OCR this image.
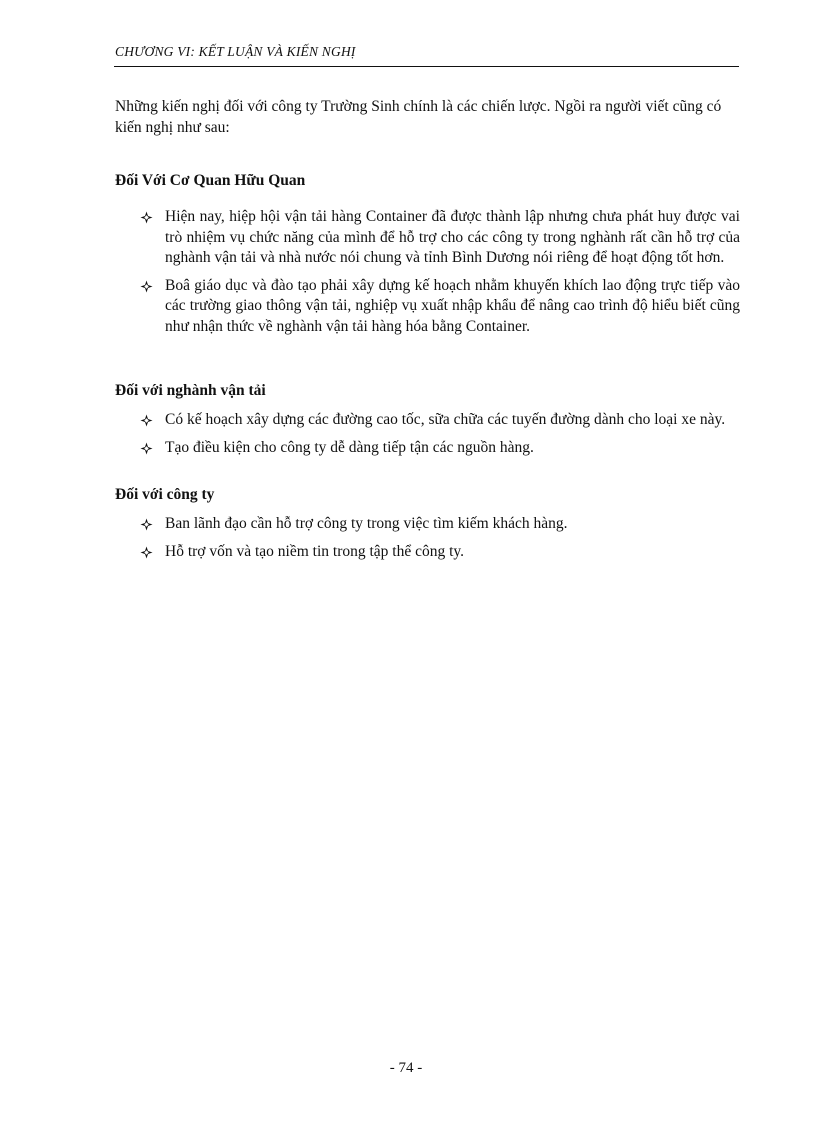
CHƯƠNG VI: KẾT LUẬN VÀ KIẾN NGHỊ

Những kiến nghị đối với công ty Trường Sinh chính là các chiến lược. Ngồi ra người viết cũng có kiến nghị như sau:

Đối Với Cơ Quan Hữu Quan

Hiện nay, hiệp hội vận tải hàng Container đã được thành lập nhưng chưa phát huy được vai trò nhiệm vụ chức năng của mình để hỗ trợ cho các công ty trong nghành rất cần hỗ trợ của nghành vận tải và nhà nước nói chung và tỉnh Bình Dương nói riêng để hoạt động tốt hơn.
Boâ giáo dục và đào tạo phải xây dựng kế hoạch nhằm khuyến khích lao động trực tiếp vào các trường giao thông vận tải, nghiệp vụ xuất nhập khẩu để nâng cao trình độ hiểu biết cũng như nhận thức về nghành vận tải hàng hóa bằng Container.

Đối với nghành vận tải

Có kế hoạch xây dựng các đường cao tốc, sữa chữa các tuyến đường dành cho loại xe này.
Tạo điều kiện cho công ty dễ dàng tiếp tận các nguồn hàng.

Đối với công ty

Ban lãnh đạo cần hỗ trợ công ty trong việc tìm kiếm khách hàng.
Hỗ trợ vốn và tạo niềm tin trong tập thể công ty.
- 74 -
